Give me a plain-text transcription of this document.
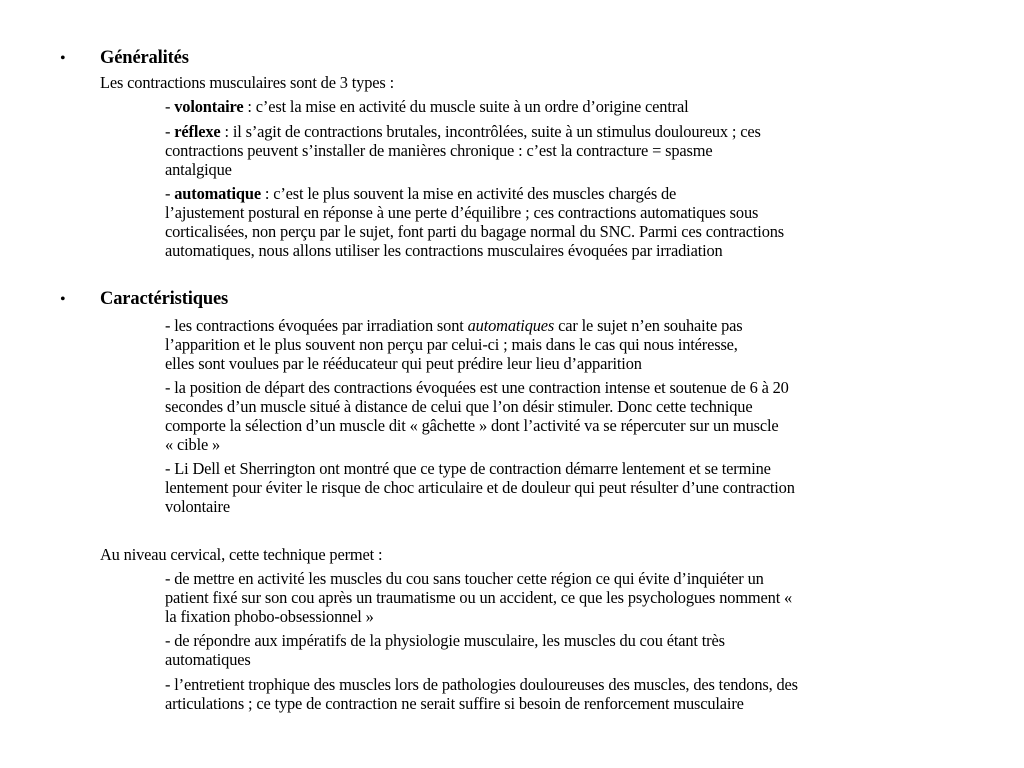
• Généralités
Les contractions musculaires sont de 3 types :
- volontaire : c’est la mise en activité du muscle suite à un ordre d’origine central
- réflexe : il s’agit de contractions brutales, incontrôlées, suite à un stimulus douloureux ; ces
contractions peuvent s’installer de manières chronique : c’est la contracture = spasme
antalgique
- automatique : c’est le plus souvent la mise en activité des muscles chargés de
l’ajustement postural en réponse à une perte d’équilibre ; ces contractions automatiques sous
corticalisées, non perçu par le sujet, font parti du bagage normal du SNC. Parmi ces contractions
automatiques, nous allons utiliser les contractions musculaires évoquées par irradiation
• Caractéristiques
- les contractions évoquées par irradiation sont automatiques car le sujet n’en souhaite pas
l’apparition et le plus souvent non perçu par celui-ci ; mais dans le cas qui nous intéresse,
elles sont voulues par le rééducateur qui peut prédire leur lieu d’apparition
- la position de départ des contractions évoquées est une contraction intense et soutenue de 6 à 20
secondes d’un muscle situé à distance de celui que l’on désir stimuler. Donc cette technique
comporte la sélection d’un muscle dit « gâchette » dont l’activité va se répercuter sur un muscle
« cible »
- Li Dell et Sherrington ont montré que ce type de contraction démarre lentement et se termine
lentement pour éviter le risque de choc articulaire et de douleur qui peut résulter d’une contraction
volontaire
Au niveau cervical, cette technique permet :
- de mettre en activité les muscles du cou sans toucher cette région ce qui évite d’inquiéter un
patient fixé sur son cou après un traumatisme ou un accident, ce que les psychologues nomment «
la fixation phobo-obsessionnel »
- de répondre aux impératifs de la physiologie musculaire, les muscles du cou étant très
automatiques
- l’entretient trophique des muscles lors de pathologies douloureuses des muscles, des tendons, des
articulations ; ce type de contraction ne serait suffire si besoin de renforcement musculaire
